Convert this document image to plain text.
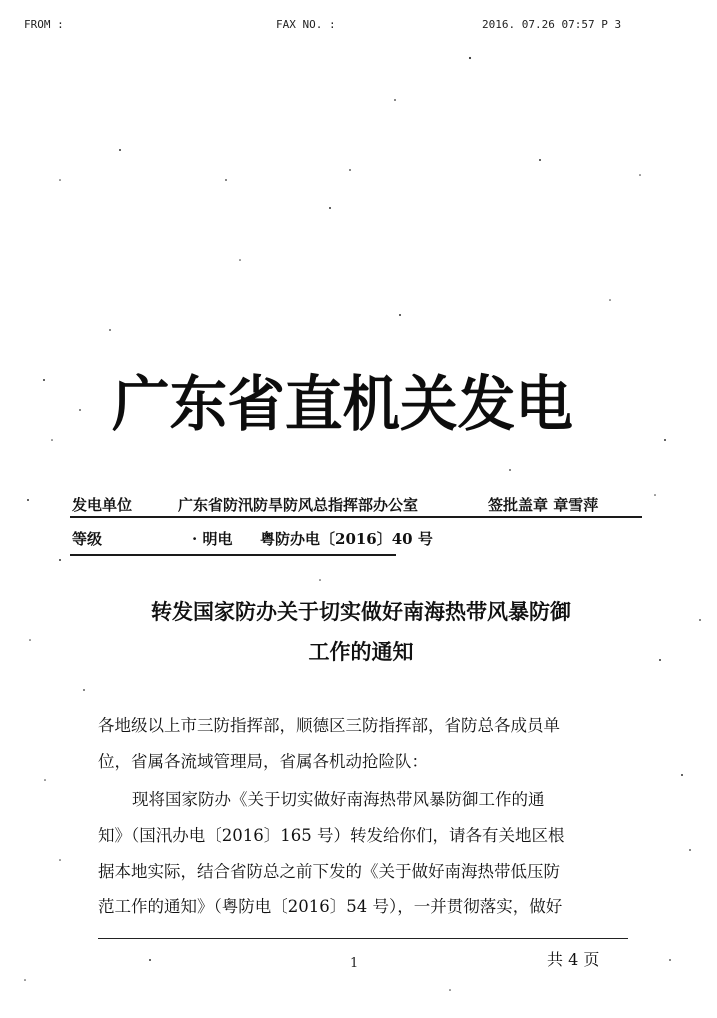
FROM :	FAX NO. :	2016. 07.26 07:57 P 3
广东省直机关发电
发电单位	广东省防汛防旱防风总指挥部办公室	签批盖章 章雪萍
等级	· 明电 粤防办电〔2016〕40 号
转发国家防办关于切实做好南海热带风暴防御
工作的通知
各地级以上市三防指挥部，顺德区三防指挥部，省防总各成员单
位，省属各流域管理局，省属各机动抢险队：
现将国家防办《关于切实做好南海热带风暴防御工作的通
知》（国汛办电〔2016〕165 号）转发给你们，请各有关地区根
据本地实际，结合省防总之前下发的《关于做好南海热带低压防
范工作的通知》（粤防电〔2016〕54 号），一并贯彻落实，做好
1	共 4 页
